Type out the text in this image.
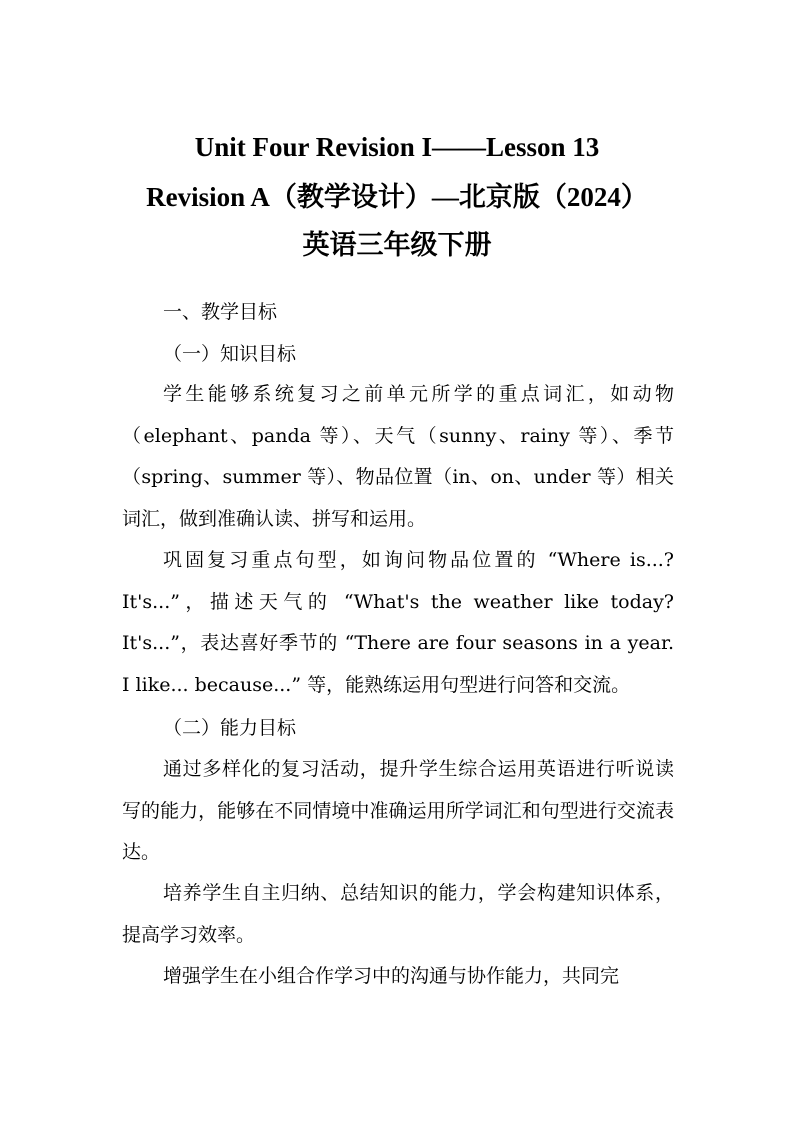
Unit Four Revision I——Lesson 13
Revision A（教学设计）—北京版（2024）
英语三年级下册
一、教学目标
（一）知识目标
学生能够系统复习之前单元所学的重点词汇，如动物（elephant、panda 等）、天气（sunny、rainy 等）、季节（spring、summer 等）、物品位置（in、on、under 等）相关词汇，做到准确认读、拼写和运用。
巩固复习重点句型，如询问物品位置的 “Where is...? It's...”，描述天气的 “What's the weather like today? It's...”，表达喜好季节的 “There are four seasons in a year. I like... because...” 等，能熟练运用句型进行问答和交流。
（二）能力目标
通过多样化的复习活动，提升学生综合运用英语进行听说读写的能力，能够在不同情境中准确运用所学词汇和句型进行交流表达。
培养学生自主归纳、总结知识的能力，学会构建知识体系，提高学习效率。
增强学生在小组合作学习中的沟通与协作能力，共同完
